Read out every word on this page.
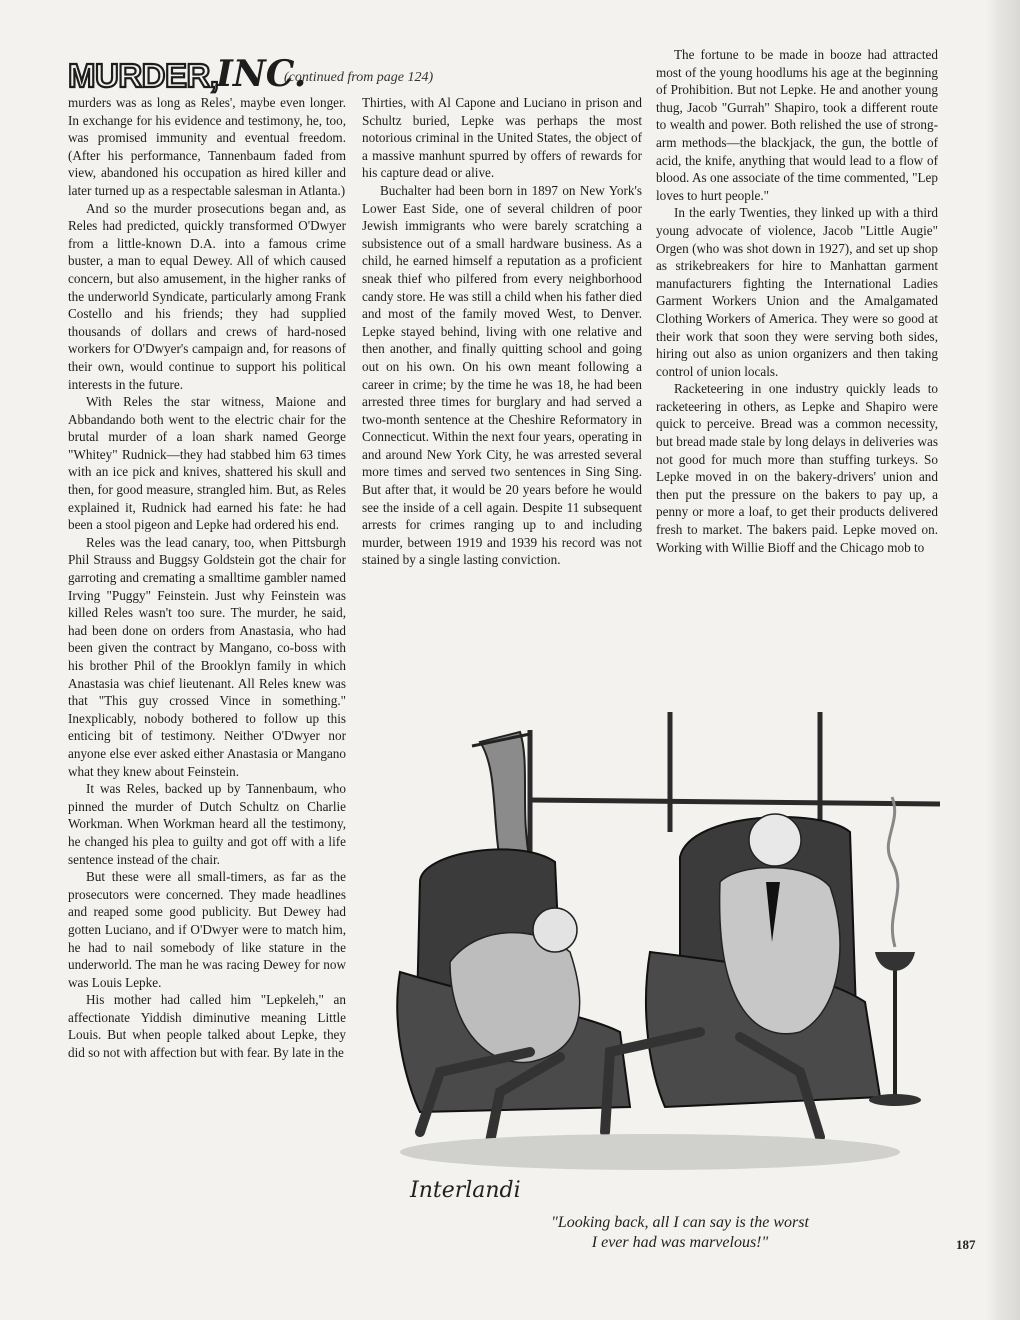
MURDER,
INC.
(continued from page 124)

murders was as long as Reles', maybe even longer. In exchange for his evidence and testimony, he, too, was promised immunity and eventual freedom. (After his performance, Tannenbaum faded from view, abandoned his occupation as hired killer and later turned up as a respectable salesman in Atlanta.)

And so the murder prosecutions began and, as Reles had predicted, quickly transformed O'Dwyer from a little-known D.A. into a famous crime buster, a man to equal Dewey. All of which caused concern, but also amusement, in the higher ranks of the underworld Syndicate, particularly among Frank Costello and his friends; they had supplied thousands of dollars and crews of hard-nosed workers for O'Dwyer's campaign and, for reasons of their own, would continue to support his political interests in the future.

With Reles the star witness, Maione and Abbandando both went to the electric chair for the brutal murder of a loan shark named George "Whitey" Rudnick—they had stabbed him 63 times with an ice pick and knives, shattered his skull and then, for good measure, strangled him. But, as Reles explained it, Rudnick had earned his fate: he had been a stool pigeon and Lepke had ordered his end.

Reles was the lead canary, too, when Pittsburgh Phil Strauss and Buggsy Goldstein got the chair for garroting and cremating a smalltime gambler named Irving "Puggy" Feinstein. Just why Feinstein was killed Reles wasn't too sure. The murder, he said, had been done on orders from Anastasia, who had been given the contract by Mangano, co-boss with his brother Phil of the Brooklyn family in which Anastasia was chief lieutenant. All Reles knew was that "This guy crossed Vince in something." Inexplicably, nobody bothered to follow up this enticing bit of testimony. Neither O'Dwyer nor anyone else ever asked either Anastasia or Mangano what they knew about Feinstein.

It was Reles, backed up by Tannenbaum, who pinned the murder of Dutch Schultz on Charlie Workman. When Workman heard all the testimony, he changed his plea to guilty and got off with a life sentence instead of the chair.

But these were all small-timers, as far as the prosecutors were concerned. They made headlines and reaped some good publicity. But Dewey had gotten Luciano, and if O'Dwyer were to match him, he had to nail somebody of like stature in the underworld. The man he was racing Dewey for now was Louis Lepke.

His mother had called him "Lepkeleh," an affectionate Yiddish diminutive meaning Little Louis. But when people talked about Lepke, they did so not with affection but with fear. By late in the

Thirties, with Al Capone and Luciano in prison and Schultz buried, Lepke was perhaps the most notorious criminal in the United States, the object of a massive manhunt spurred by offers of rewards for his capture dead or alive.

Buchalter had been born in 1897 on New York's Lower East Side, one of several children of poor Jewish immigrants who were barely scratching a subsistence out of a small hardware business. As a child, he earned himself a reputation as a proficient sneak thief who pilfered from every neighborhood candy store. He was still a child when his father died and most of the family moved West, to Denver. Lepke stayed behind, living with one relative and then another, and finally quitting school and going out on his own. On his own meant following a career in crime; by the time he was 18, he had been arrested three times for burglary and had served a two-month sentence at the Cheshire Reformatory in Connecticut. Within the next four years, operating in and around New York City, he was arrested several more times and served two sentences in Sing Sing. But after that, it would be 20 years before he would see the inside of a cell again. Despite 11 subsequent arrests for crimes ranging up to and including murder, between 1919 and 1939 his record was not stained by a single lasting conviction.

The fortune to be made in booze had attracted most of the young hoodlums his age at the beginning of Prohibition. But not Lepke. He and another young thug, Jacob "Gurrah" Shapiro, took a different route to wealth and power. Both relished the use of strong-arm methods—the blackjack, the gun, the bottle of acid, the knife, anything that would lead to a flow of blood. As one associate of the time commented, "Lep loves to hurt people."

In the early Twenties, they linked up with a third young advocate of violence, Jacob "Little Augie" Orgen (who was shot down in 1927), and set up shop as strikebreakers for hire to Manhattan garment manufacturers fighting the International Ladies Garment Workers Union and the Amalgamated Clothing Workers of America. They were so good at their work that soon they were serving both sides, hiring out also as union organizers and then taking control of union locals.

Racketeering in one industry quickly leads to racketeering in others, as Lepke and Shapiro were quick to perceive. Bread was a common necessity, but bread made stale by long delays in deliveries was not good for much more than stuffing turkeys. So Lepke moved in on the bakery-drivers' union and then put the pressure on the bakers to pay up, a penny or more a loaf, to get their products delivered fresh to market. The bakers paid. Lepke moved on. Working with Willie Bioff and the Chicago mob to

Interlandi
"Looking back, all I can say is the worst
I ever had was marvelous!"	187
